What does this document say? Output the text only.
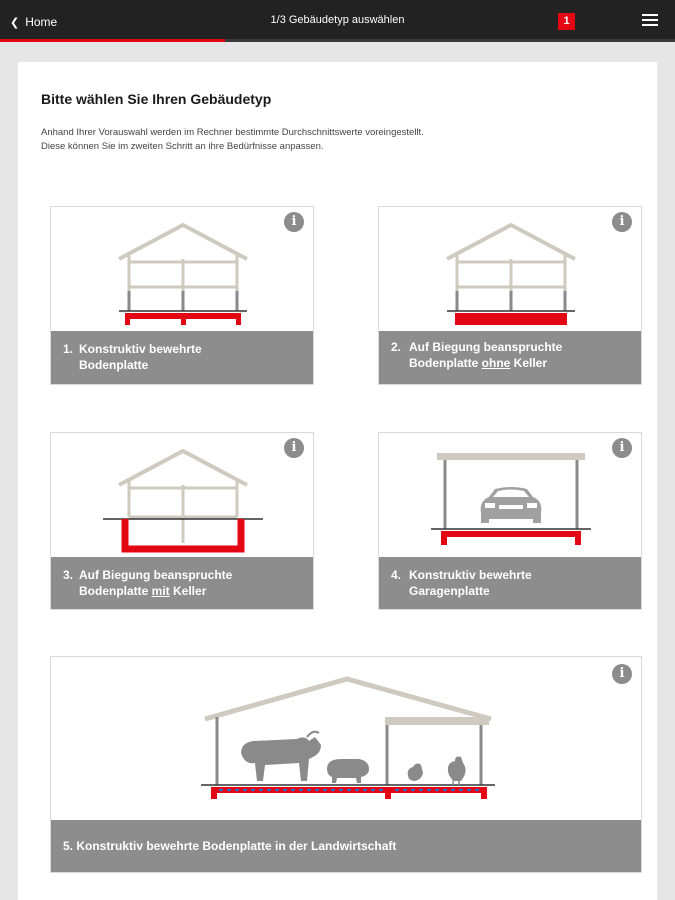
❮ Home	1/3 Gebäudetyp auswählen	1
Bitte wählen Sie Ihren Gebäudetyp
Anhand Ihrer Vorauswahl werden im Rechner bestimmte Durchschnittswerte voreingestellt.
Diese können Sie im zweiten Schritt an ihre Bedürfnisse anpassen.
i
1. Konstruktiv bewehrte
Bodenplatte
i
2. Auf Biegung beanspruchte
Bodenplatte ohne Keller
i
3. Auf Biegung beanspruchte
Bodenplatte mit Keller
i
4. Konstruktiv bewehrte
Garagenplatte
i
5. Konstruktiv bewehrte Bodenplatte in der Landwirtschaft
